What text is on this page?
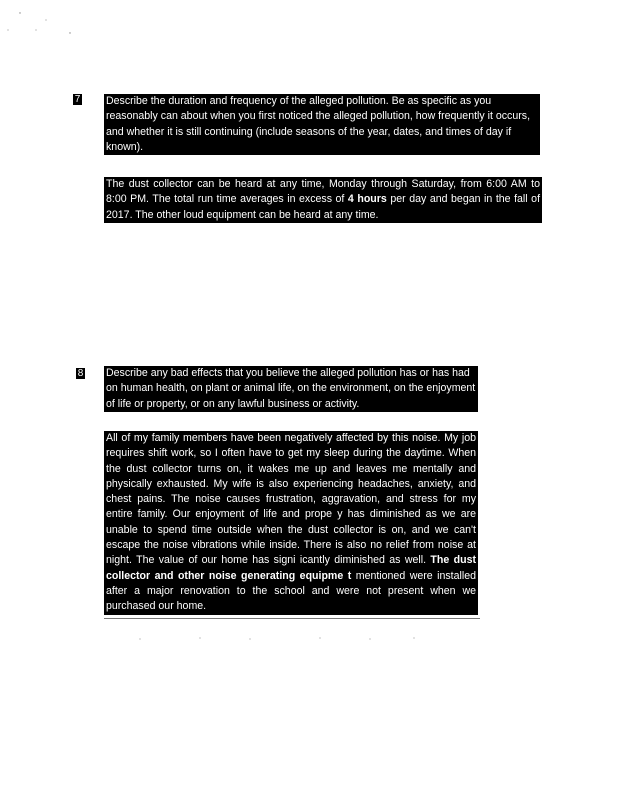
7 Describe the duration and frequency of the alleged pollution. Be as specific as you reasonably can about when you first noticed the alleged pollution, how frequently it occurs, and whether it is still continuing (include seasons of the year, dates, and times of day if known).

The dust collector can be heard at any time, Monday through Saturday, from 6:00 AM to 8:00 PM. The total run time averages in excess of 4 hours per day and began in the fall of 2017. The other loud equipment can be heard at any time.

8 Describe any bad effects that you believe the alleged pollution has or has had on human health, on plant or animal life, on the environment, on the enjoyment of life or property, or on any lawful business or activity.

All of my family members have been negatively affected by this noise. My job requires shift work, so I often have to get my sleep during the daytime. When the dust collector turns on, it wakes me up and leaves me mentally and physically exhausted. My wife is also experiencing headaches, anxiety, and chest pains. The noise causes frustration, aggravation, and stress for my entire family. Our enjoyment of life and prope y has diminished as we are unable to spend time outside when the dust collector is on, and we can't escape the noise vibrations while inside. There is also no relief from noise at night. The value of our home has signi icantly diminished as well. The dust collector and other noise generating equipme t mentioned were installed after a major renovation to the school and were not present when we purchased our home.
